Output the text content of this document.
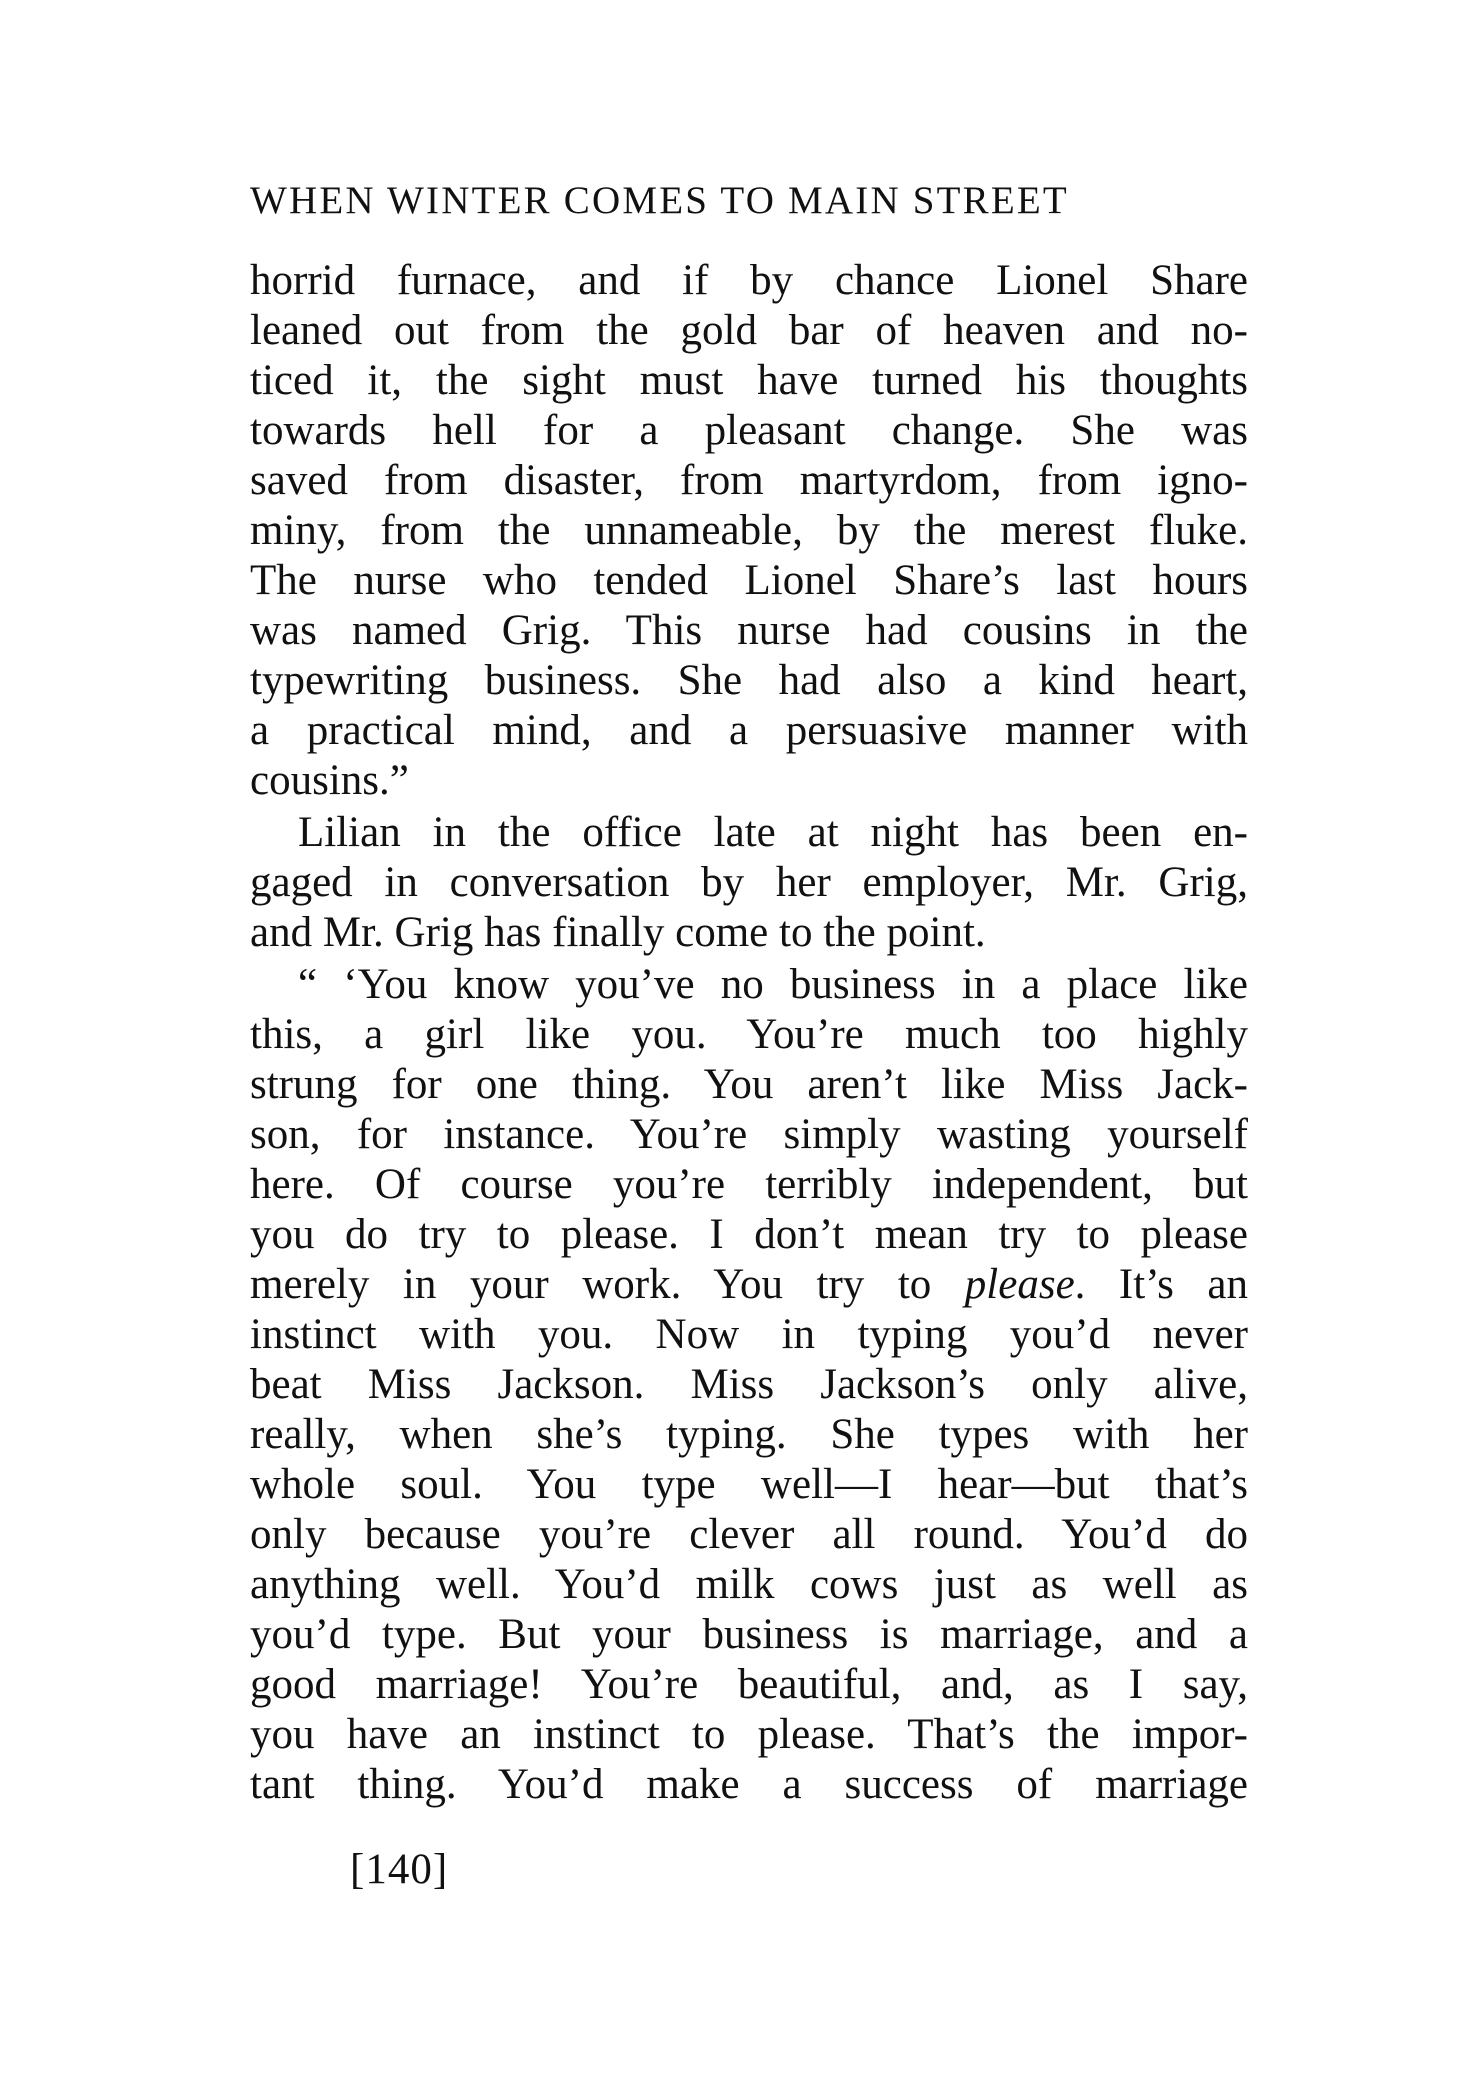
WHEN WINTER COMES TO MAIN STREET
horrid furnace, and if by chance Lionel Share
leaned out from the gold bar of heaven and no-
ticed it, the sight must have turned his thoughts
towards hell for a pleasant change. She was
saved from disaster, from martyrdom, from igno-
miny, from the unnameable, by the merest fluke.
The nurse who tended Lionel Share’s last hours
was named Grig. This nurse had cousins in the
typewriting business. She had also a kind heart,
a practical mind, and a persuasive manner with
cousins.”
Lilian in the office late at night has been en-
gaged in conversation by her employer, Mr. Grig,
and Mr. Grig has finally come to the point.
“ ‘You know you’ve no business in a place like
this, a girl like you. You’re much too highly
strung for one thing. You aren’t like Miss Jack-
son, for instance. You’re simply wasting yourself
here. Of course you’re terribly independent, but
you do try to please. I don’t mean try to please
merely in your work. You try to please. It’s an
instinct with you. Now in typing you’d never
beat Miss Jackson. Miss Jackson’s only alive,
really, when she’s typing. She types with her
whole soul. You type well—I hear—but that’s
only because you’re clever all round. You’d do
anything well. You’d milk cows just as well as
you’d type. But your business is marriage, and a
good marriage! You’re beautiful, and, as I say,
you have an instinct to please. That’s the impor-
tant thing. You’d make a success of marriage
[140]
